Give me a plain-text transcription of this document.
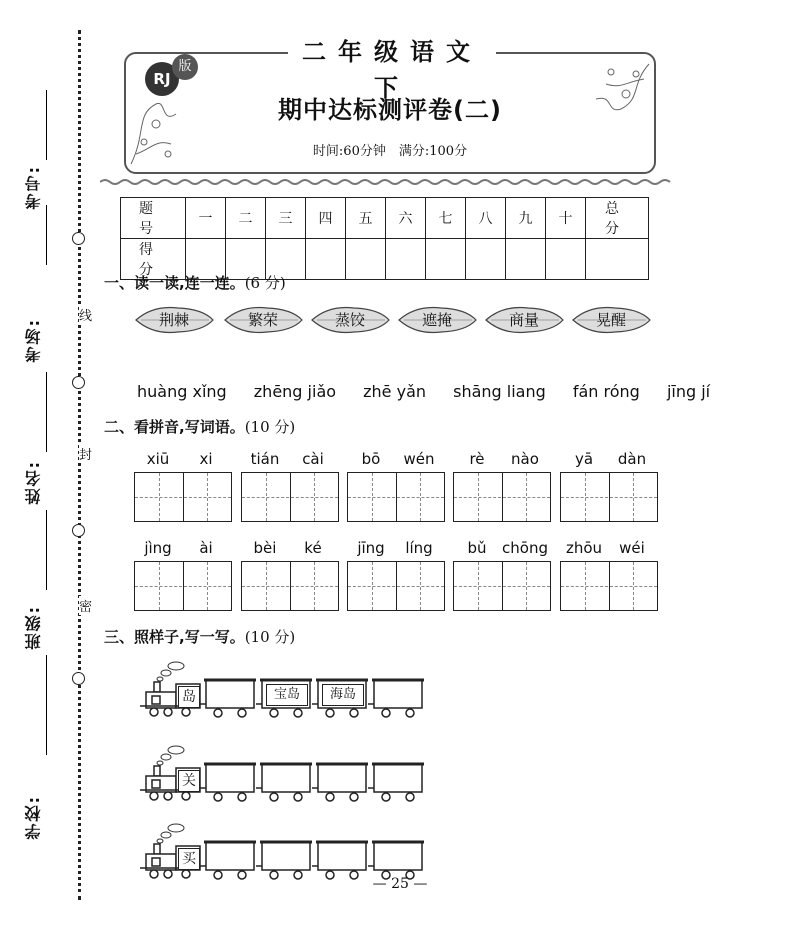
考号:
考场:
姓名:
班级:
学校:
线
封
密
二年级语文下
RJ
版
期中达标测评卷(二)
时间:60分钟　 满分:100分
题　号	一	二	三	四	五	六	七	八	九	十	总　分
得　分											
一、读一读,连一连。(6 分)
荆棘	繁荣	蒸饺	遮掩	商量	晃醒
huàng xǐng zhēng jiǎo zhē yǎn shāng liang fán róng jīng jí
二、看拼音,写词语。(10 分)
xiū	xi	tián	cài	bō	wén	rè	nào	yā	dàn
jìng	ài	bèi	ké	jīng	líng	bǔ	chōng	zhōu	wéi
三、照样子,写一写。(10 分)
岛	宝岛	海岛
关
买
— 25 —
